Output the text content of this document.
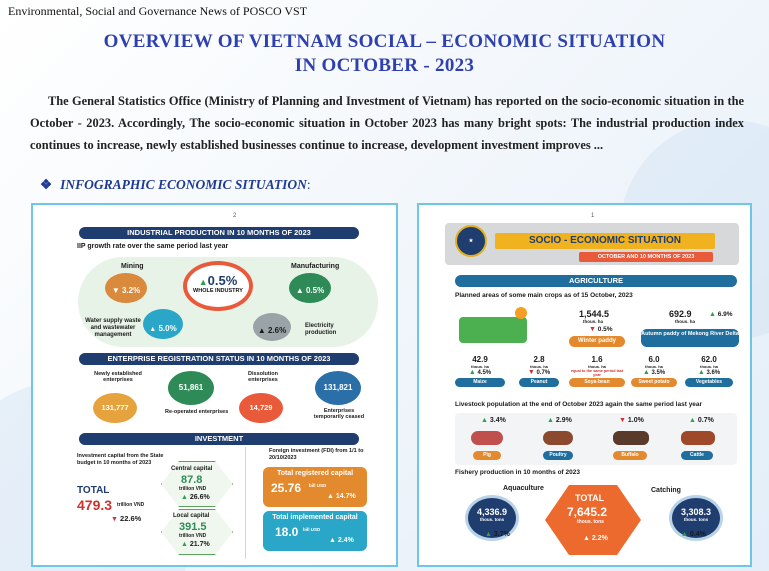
Environmental, Social and Governance News of POSCO VST
OVERVIEW OF VIETNAM SOCIAL – ECONOMIC SITUATION
IN OCTOBER - 2023
The General Statistics Office (Ministry of Planning and Investment of Vietnam) has reported on the socio-economic situation in the October - 2023. Accordingly, The socio-economic situation in October 2023 has many bright spots: The industrial production index continues to increase, newly established businesses continue to increase, development investment improves ...
❖ INFOGRAPHIC ECONOMIC SITUATION:
2
INDUSTRIAL PRODUCTION IN 10 MONTHS OF 2023
IIP growth rate over the same period last year
Mining
▼ 3.2%
▲0.5%
WHOLE INDUSTRY
Manufacturing
▲ 0.5%
Water supply waste and wastewater management
▲ 5.0%	▲ 2.6%	Electricity production
ENTERPRISE REGISTRATION STATUS IN 10 MONTHS OF 2023
Newly established enterprises
131,777
51,861
Re-operated enterprises
Dissolution enterprises
14,729
131,821
Enterprises temporarily ceased
INVESTMENT
Investment capital from the State budget in 10 months of 2023
TOTAL
479.3 trillion VND
▼ 22.6%
Central capital
87.8
trillion VND
▲ 26.6%
Local capital
391.5
trillion VND
▲ 21.7%
Foreign investment (FDI) from 1/1 to 20/10/2023
Total registered capital
25.76 bill USD
▲ 14.7%
Total implemented capital
18.0 bill USD
▲ 2.4%
1
★	SOCIO - ECONOMIC SITUATION
OCTOBER AND 10 MONTHS OF 2023
AGRICULTURE
Planned areas of some main crops as of 15 October, 2023
1,544.5
thous. ha
▼ 0.5%
Winter paddy
692.9
thous. ha
▲ 6.9%
Autumn paddy of Mekong River Delta
42.9
thous. ha
▲ 4.5%
Maize
2.8
thous. ha
▼ 0.7%
Peanut
1.6
thous. ha
equal to the same period last year
Soya-bean
6.0
thous. ha
▲ 3.5%
Sweet potato
62.0
thous. ha
▲ 3.6%
Vegetables
Livestock population at the end of October 2023 again the same period last year
▲ 3.4%
Pig
▲ 2.9%
Poultry
▼ 1.0%
Buffalo
▲ 0.7%
Cattle
Fishery production in 10 months of 2023
Aquaculture
4,336.9
thous. tons
▲ 3.7%
TOTAL
7,645.2
thous. tons
▲ 2.2%
Catching
3,308.3
thous. tons
▲ 0.4%
